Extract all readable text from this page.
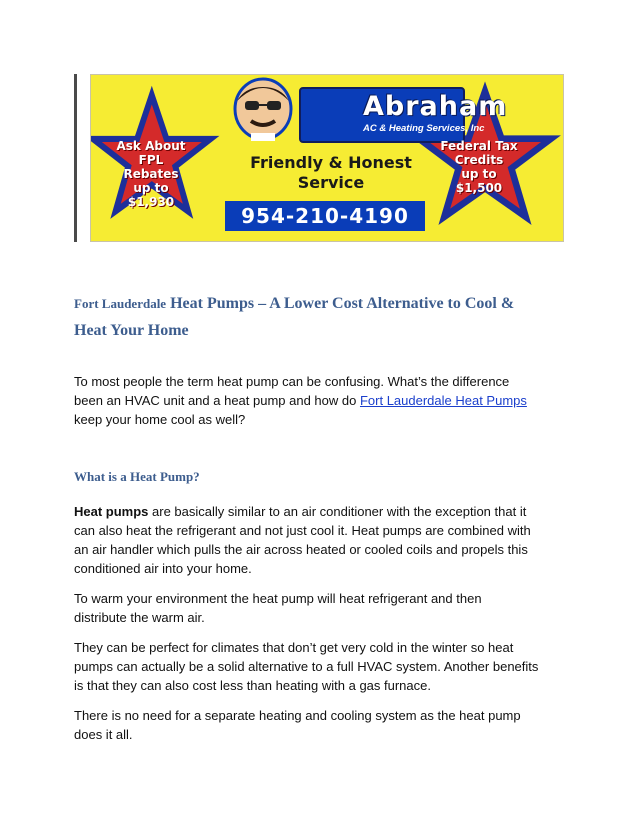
Abraham
AC & Heating Services, Inc
Friendly & Honest
Service
954-210-4190
Ask About
FPL Rebates
up to
$1,930
Federal Tax
Credits
up to
$1,500
Fort Lauderdale Heat Pumps – A Lower Cost Alternative to Cool &
Heat Your Home

To most people the term heat pump can be confusing. What’s the difference
been an HVAC unit and a heat pump and how do Fort Lauderdale Heat Pumps
keep your home cool as well?

What is a Heat Pump?

Heat pumps are basically similar to an air conditioner with the exception that it
can also heat the refrigerant and not just cool it. Heat pumps are combined with
an air handler which pulls the air across heated or cooled coils and propels this
conditioned air into your home.

To warm your environment the heat pump will heat refrigerant and then
distribute the warm air.

They can be perfect for climates that don’t get very cold in the winter so heat
pumps can actually be a solid alternative to a full HVAC system. Another benefits
is that they can also cost less than heating with a gas furnace.

There is no need for a separate heating and cooling system as the heat pump
does it all.
